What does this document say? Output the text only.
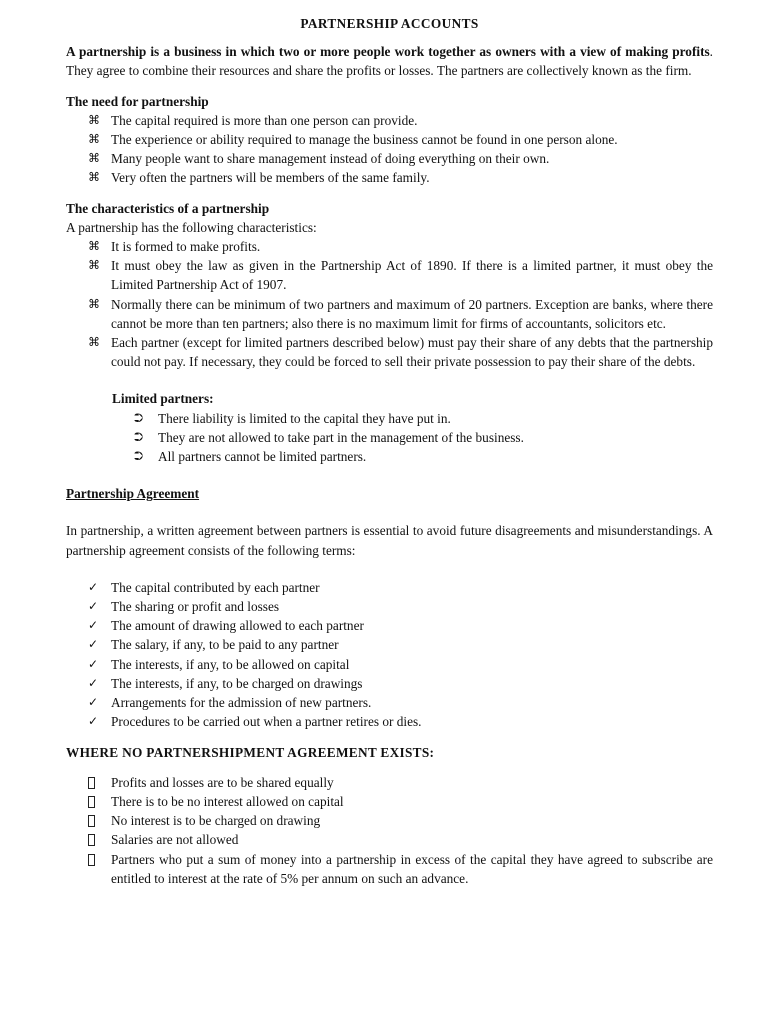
PARTNERSHIP ACCOUNTS

A partnership is a business in which two or more people work together as owners with a view of making profits. They agree to combine their resources and share the profits or losses. The partners are collectively known as the firm.

The need for partnership
⌘ The capital required is more than one person can provide.
⌘ The experience or ability required to manage the business cannot be found in one person alone.
⌘ Many people want to share management instead of doing everything on their own.
⌘ Very often the partners will be members of the same family.
The characteristics of a partnership
A partnership has the following characteristics:
⌘ It is formed to make profits.
⌘ It must obey the law as given in the Partnership Act of 1890. If there is a limited partner, it must obey the Limited Partnership Act of 1907.
⌘ Normally there can be minimum of two partners and maximum of 20 partners. Exception are banks, where there cannot be more than ten partners; also there is no maximum limit for firms of accountants, solicitors etc.
⌘ Each partner (except for limited partners described below) must pay their share of any debts that the partnership could not pay. If necessary, they could be forced to sell their private possession to pay their share of the debts.
Limited partners:
⮊ There liability is limited to the capital they have put in.
⮊ They are not allowed to take part in the management of the business.
⮊ All partners cannot be limited partners.
Partnership Agreement

In partnership, a written agreement between partners is essential to avoid future disagreements and misunderstandings. A partnership agreement consists of the following terms:

✓ The capital contributed by each partner
✓ The sharing or profit and losses
✓ The amount of drawing allowed to each partner
✓ The salary, if any, to be paid to any partner
✓ The interests, if any, to be allowed on capital
✓ The interests, if any, to be charged on drawings
✓ Arrangements for the admission of new partners.
✓ Procedures to be carried out when a partner retires or dies.
WHERE NO PARTNERSHIPMENT AGREEMENT EXISTS:
Profits and losses are to be shared equally
There is to be no interest allowed on capital
No interest is to be charged on drawing
Salaries are not allowed
Partners who put a sum of money into a partnership in excess of the capital they have agreed to subscribe are entitled to interest at the rate of 5% per annum on such an advance.
